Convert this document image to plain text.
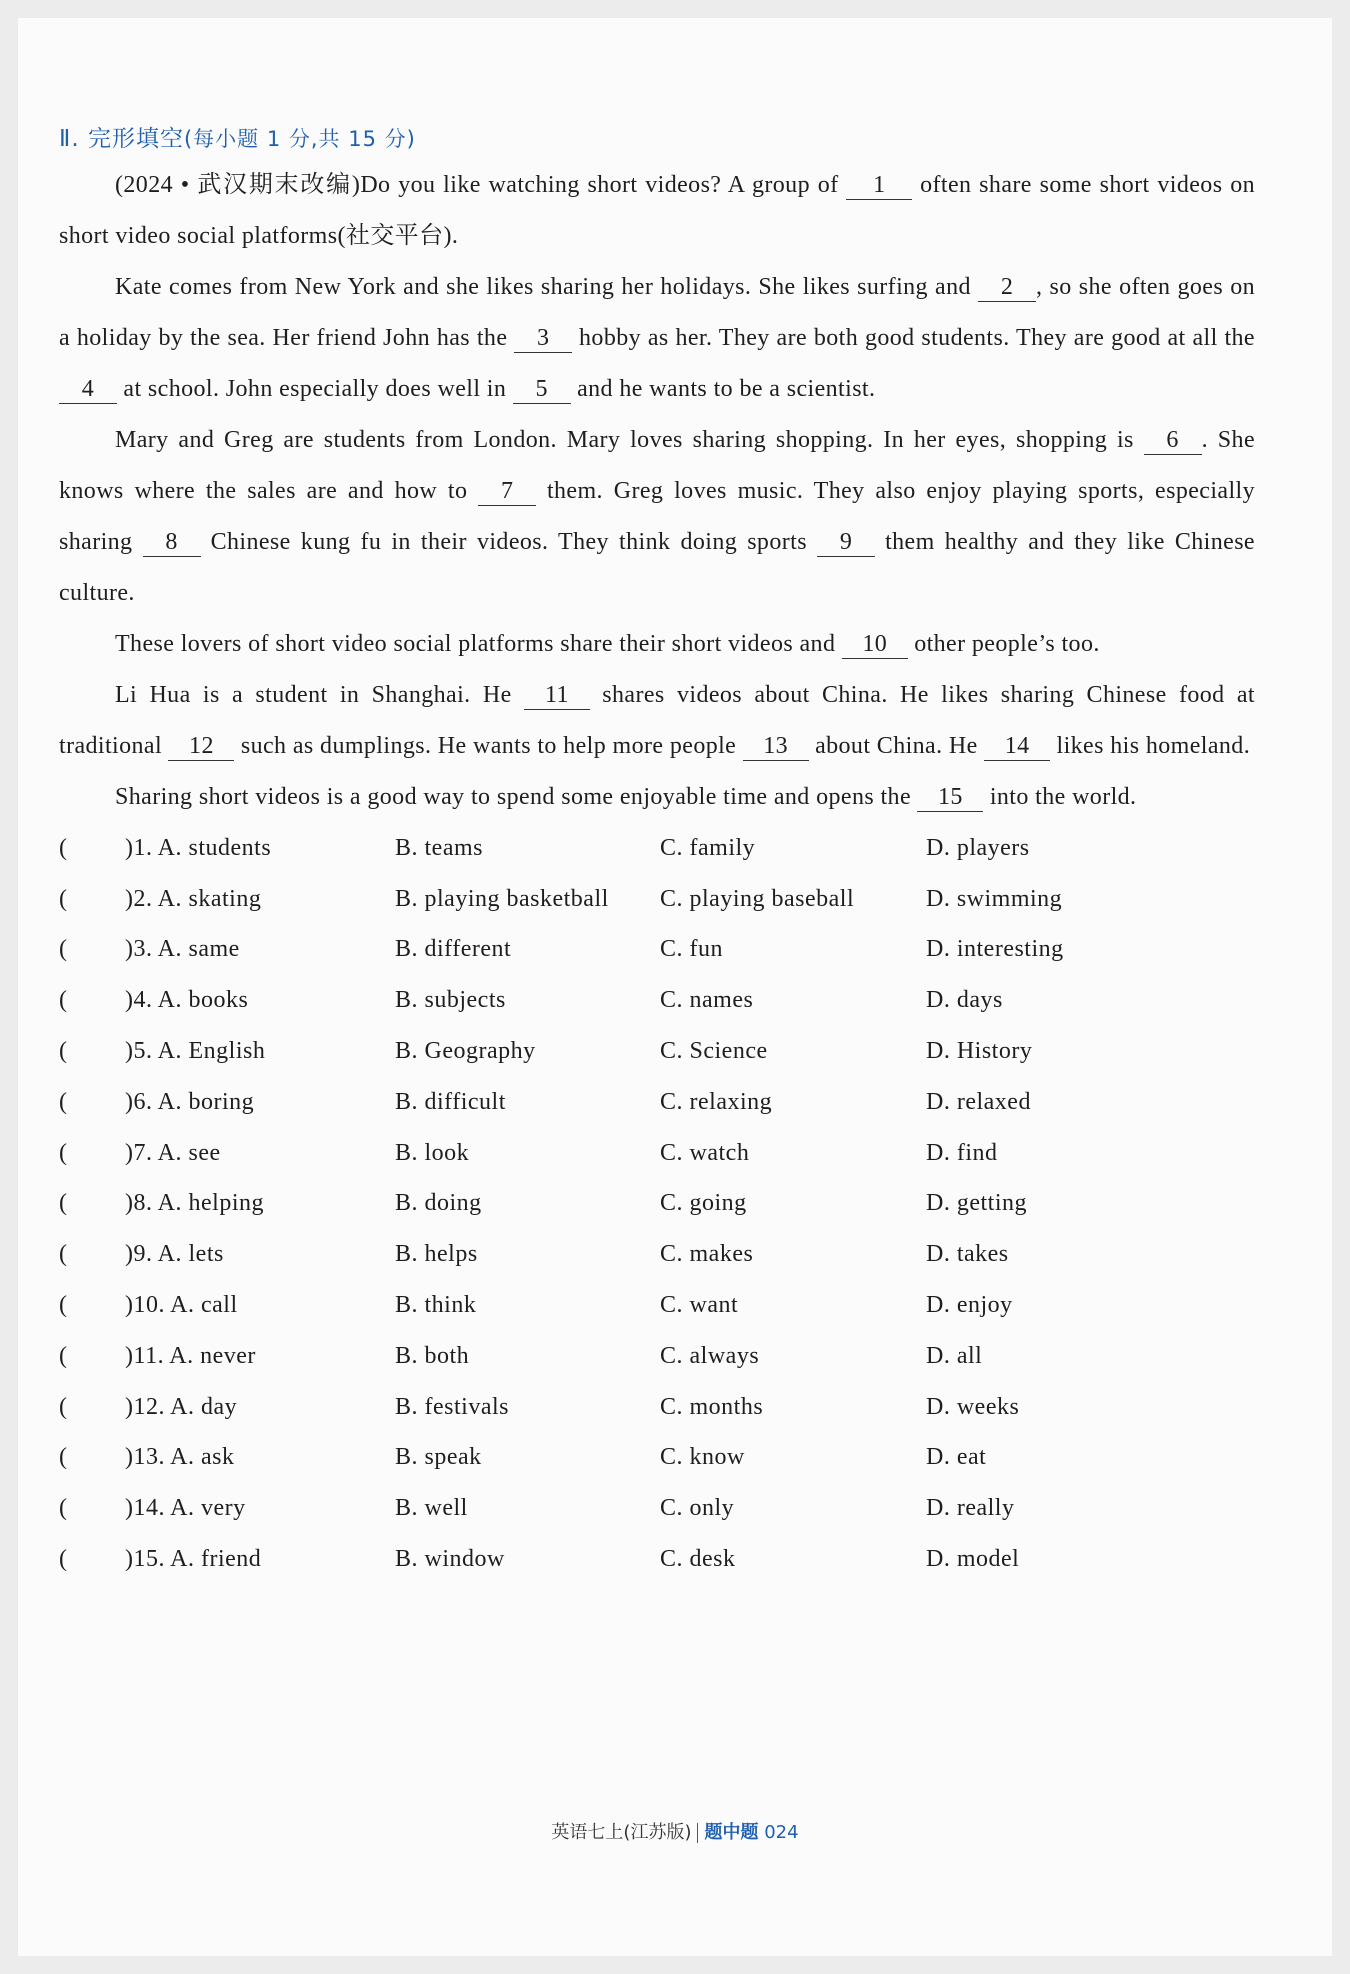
Ⅱ. 完形填空(每小题 1 分,共 15 分)

(2024 • 武汉期末改编)Do you like watching short videos? A group of 1 often share some short videos on short video social platforms(社交平台).

Kate comes from New York and she likes sharing her holidays. She likes surfing and 2 , so she often goes on a holiday by the sea. Her friend John has the 3 hobby as her. They are both good students. They are good at all the 4 at school. John especially does well in 5 and he wants to be a scientist.

Mary and Greg are students from London. Mary loves sharing shopping. In her eyes, shopping is 6 . She knows where the sales are and how to 7 them. Greg loves music. They also enjoy playing sports, especially sharing 8 Chinese kung fu in their videos. They think doing sports 9 them healthy and they like Chinese culture.

These lovers of short video social platforms share their short videos and 10 other people’s too.

Li Hua is a student in Shanghai. He 11 shares videos about China. He likes sharing Chinese food at traditional 12 such as dumplings. He wants to help more people 13 about China. He 14 likes his homeland.

Sharing short videos is a good way to spend some enjoyable time and opens the 15 into the world.

(	)1. A. students	B. teams	C. family	D. players
(	)2. A. skating	B. playing basketball	C. playing baseball	D. swimming
(	)3. A. same	B. different	C. fun	D. interesting
(	)4. A. books	B. subjects	C. names	D. days
(	)5. A. English	B. Geography	C. Science	D. History
(	)6. A. boring	B. difficult	C. relaxing	D. relaxed
(	)7. A. see	B. look	C. watch	D. find
(	)8. A. helping	B. doing	C. going	D. getting
(	)9. A. lets	B. helps	C. makes	D. takes
(	)10. A. call	B. think	C. want	D. enjoy
(	)11. A. never	B. both	C. always	D. all
(	)12. A. day	B. festivals	C. months	D. weeks
(	)13. A. ask	B. speak	C. know	D. eat
(	)14. A. very	B. well	C. only	D. really
(	)15. A. friend	B. window	C. desk	D. model
英语七上(江苏版) 题中题 024
